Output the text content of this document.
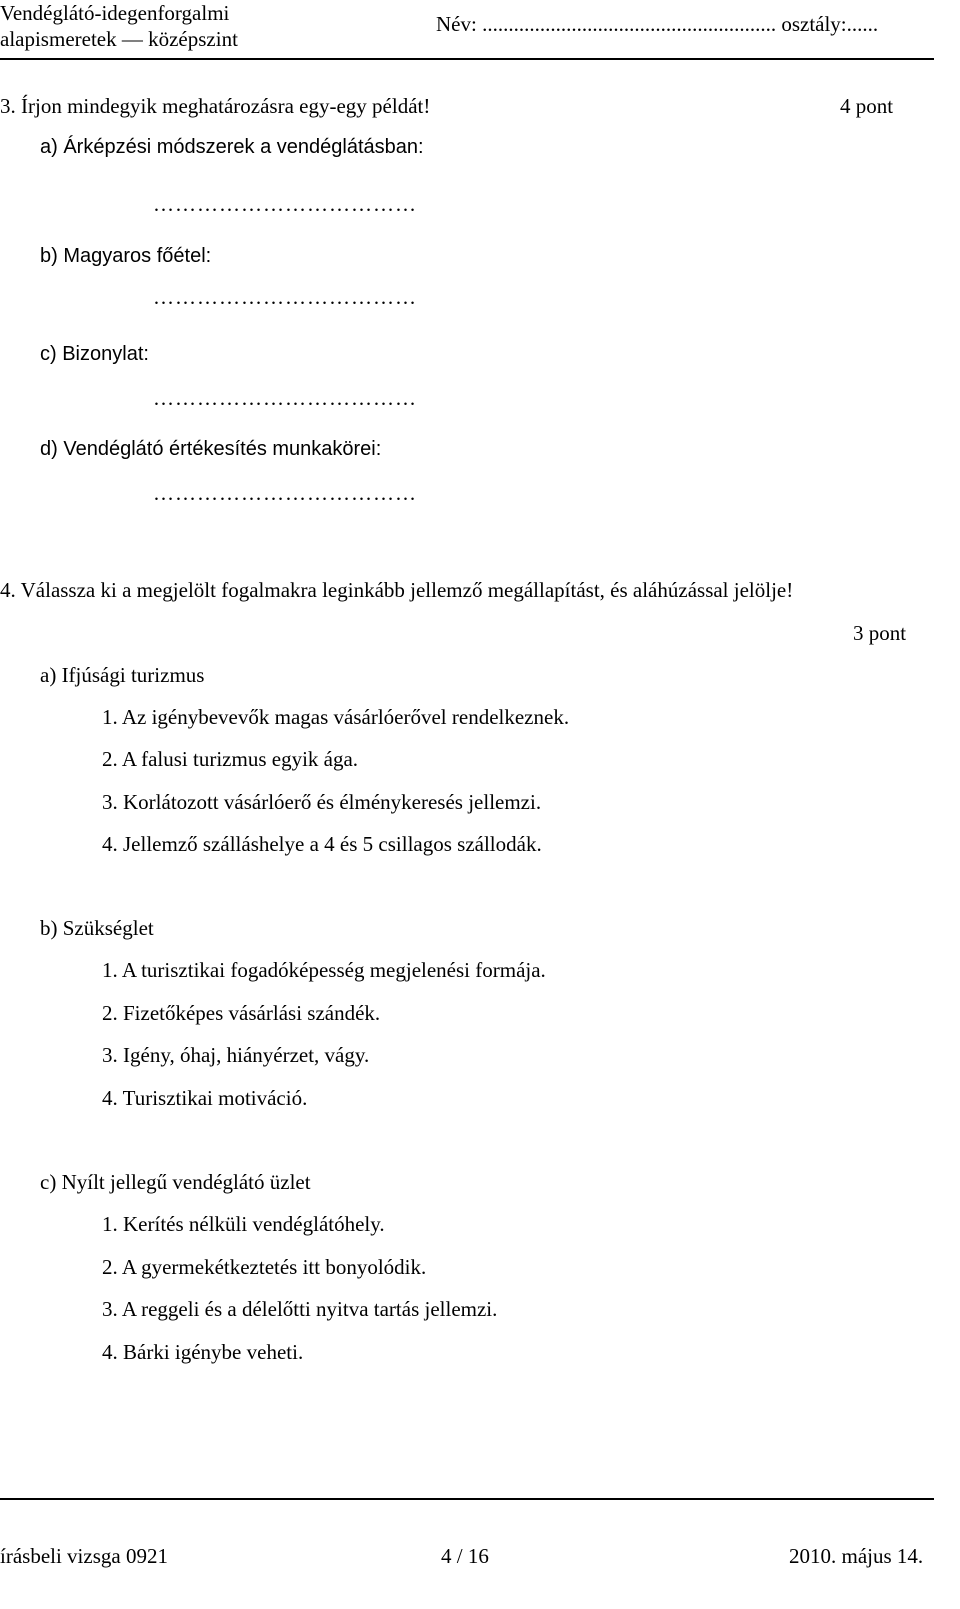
Vendéglátó-idegenforgalmi
alapismeretek — középszint
Név: ........................................................ osztály:......
3. Írjon mindegyik meghatározásra egy-egy példát!	4 pont
a) Árképzési módszerek a vendéglátásban:
………………………………
b) Magyaros főétel:
………………………………
c) Bizonylat:
………………………………
d) Vendéglátó értékesítés munkakörei:
………………………………
4. Válassza ki a megjelölt fogalmakra leginkább jellemző megállapítást, és aláhúzással jelölje!
3 pont
a) Ifjúsági turizmus
1. Az igénybevevők magas vásárlóerővel rendelkeznek.
2. A falusi turizmus egyik ága.
3. Korlátozott vásárlóerő és élménykeresés jellemzi.
4. Jellemző szálláshelye a 4 és 5 csillagos szállodák.
b) Szükséglet
1. A turisztikai fogadóképesség megjelenési formája.
2. Fizetőképes vásárlási szándék.
3. Igény, óhaj, hiányérzet, vágy.
4. Turisztikai motiváció.
c) Nyílt jellegű vendéglátó üzlet
1. Kerítés nélküli vendéglátóhely.
2. A gyermekétkeztetés itt bonyolódik.
3. A reggeli és a délelőtti nyitva tartás jellemzi.
4. Bárki igénybe veheti.
írásbeli vizsga 0921	4 / 16	2010. május 14.
